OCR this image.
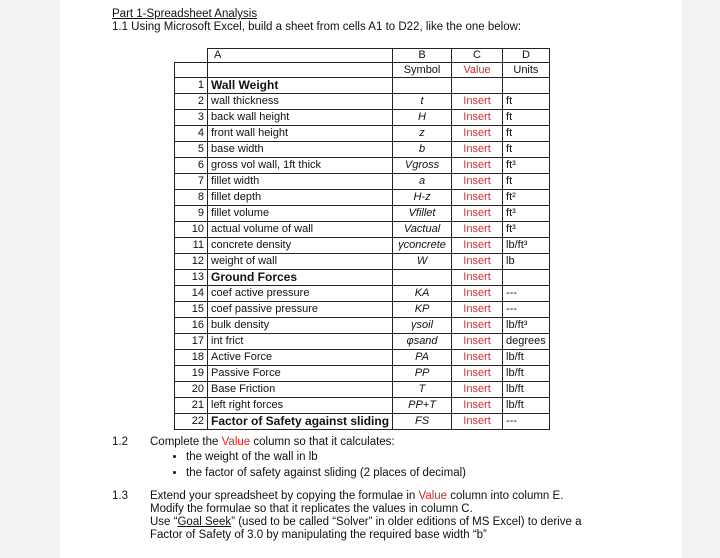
Part 1-Spreadsheet Analysis
1.1 Using Microsoft Excel, build a sheet from cells A1 to D22, like the one below:
	A	B	C	D
		Symbol	Value	Units
1	Wall Weight			
2	wall thickness	t	Insert	ft
3	back wall height	H	Insert	ft
4	front wall height	z	Insert	ft
5	base width	b	Insert	ft
6	gross vol wall, 1ft thick	Vgross	Insert	ft³
7	fillet width	a	Insert	ft
8	fillet depth	H-z	Insert	ft²
9	fillet volume	Vfillet	Insert	ft³
10	actual volume of wall	Vactual	Insert	ft³
11	concrete density	γconcrete	Insert	lb/ft³
12	weight of wall	W	Insert	lb
13	Ground Forces		Insert	
14	coef active pressure	KA	Insert	---
15	coef passive pressure	KP	Insert	---
16	bulk density	γsoil	Insert	lb/ft³
17	int frict	φsand	Insert	degrees
18	Active Force	PA	Insert	lb/ft
19	Passive Force	PP	Insert	lb/ft
20	Base Friction	T	Insert	lb/ft
21	left right forces	PP+T	Insert	lb/ft
22	Factor of Safety against sliding	FS	Insert	---
1.2 Complete the Value column so that it calculates:
• the weight of the wall in lb
• the factor of safety against sliding (2 places of decimal)
1.3 Extend your spreadsheet by copying the formulae in Value column into column E.
Modify the formulae so that it replicates the values in column C.
Use “Goal Seek” (used to be called “Solver” in older editions of MS Excel) to derive a
Factor of Safety of 3.0 by manipulating the required base width “b”
